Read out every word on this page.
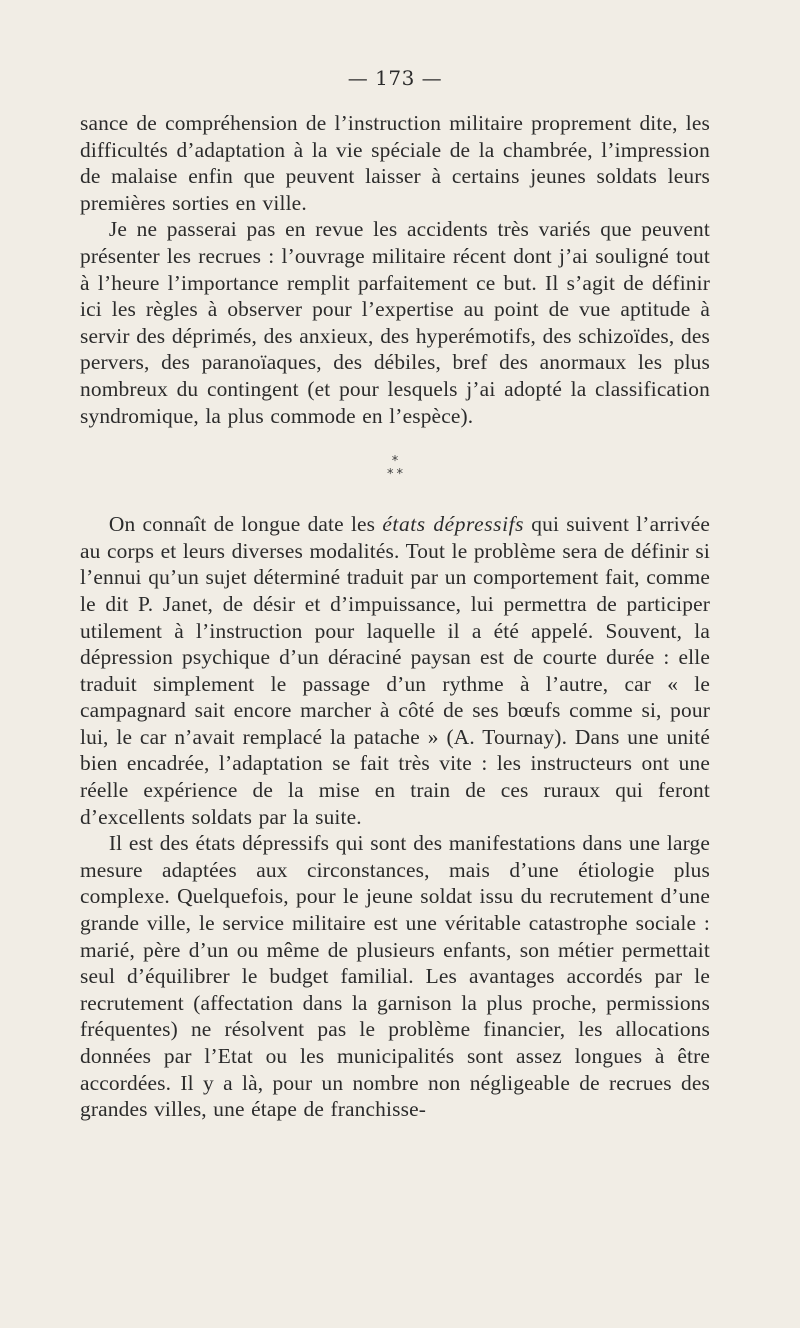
— 173 —

sance de compréhension de l’instruction militaire proprement dite, les difficultés d’adaptation à la vie spéciale de la chambrée, l’impression de malaise enfin que peuvent laisser à certains jeunes soldats leurs premières sorties en ville.

Je ne passerai pas en revue les accidents très variés que peuvent présenter les recrues : l’ouvrage militaire récent dont j’ai souligné tout à l’heure l’importance remplit parfaitement ce but. Il s’agit de définir ici les règles à observer pour l’expertise au point de vue aptitude à servir des déprimés, des anxieux, des hyperémotifs, des schizoïdes, des pervers, des paranoïaques, des débiles, bref des anormaux les plus nombreux du contingent (et pour lesquels j’ai adopté la classification syndromique, la plus commode en l’espèce).

*
**

On connaît de longue date les états dépressifs qui suivent l’arrivée au corps et leurs diverses modalités. Tout le problème sera de définir si l’ennui qu’un sujet déterminé traduit par un comportement fait, comme le dit P. Janet, de désir et d’impuissance, lui permettra de participer utilement à l’instruction pour laquelle il a été appelé. Souvent, la dépression psychique d’un déraciné paysan est de courte durée : elle traduit simplement le passage d’un rythme à l’autre, car « le campagnard sait encore marcher à côté de ses bœufs comme si, pour lui, le car n’avait remplacé la patache » (A. Tournay). Dans une unité bien encadrée, l’adaptation se fait très vite : les instructeurs ont une réelle expérience de la mise en train de ces ruraux qui feront d’excellents soldats par la suite.

Il est des états dépressifs qui sont des manifestations dans une large mesure adaptées aux circonstances, mais d’une étiologie plus complexe. Quelquefois, pour le jeune soldat issu du recrutement d’une grande ville, le service militaire est une véritable catastrophe sociale : marié, père d’un ou même de plusieurs enfants, son métier permettait seul d’équilibrer le budget familial. Les avantages accordés par le recrutement (affectation dans la garnison la plus proche, permissions fréquentes) ne résolvent pas le problème financier, les allocations données par l’Etat ou les municipalités sont assez longues à être accordées. Il y a là, pour un nombre non négligeable de recrues des grandes villes, une étape de franchisse-
